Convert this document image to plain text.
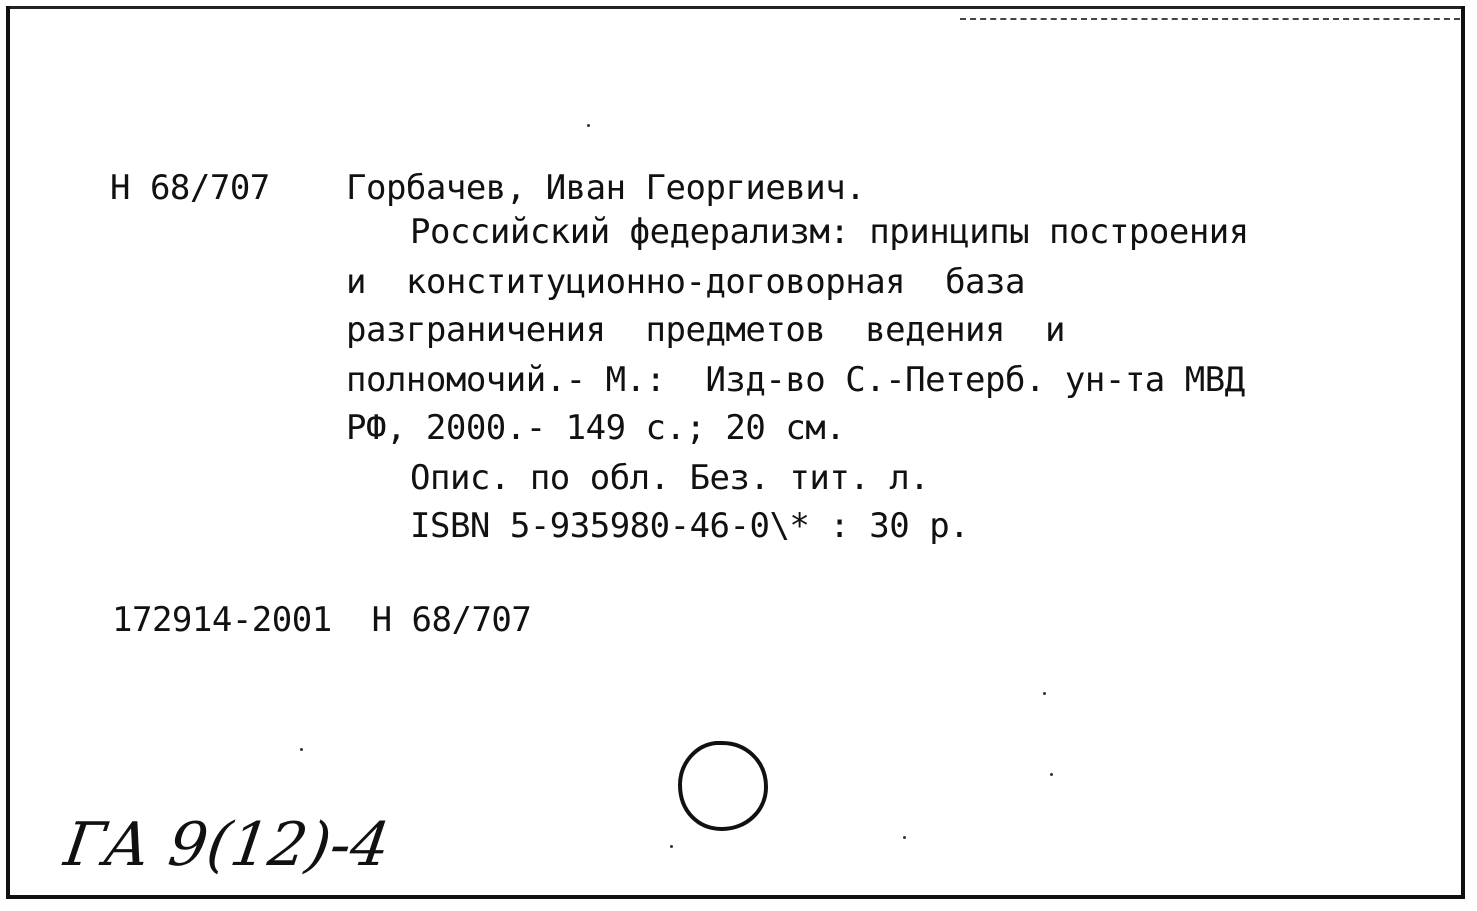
Н 68/707 Горбачев, Иван Георгиевич.
Российский федерализм: принципы построения
и  конституционно-договорная  база
разграничения  предметов  ведения  и
полномочий.- М.:  Изд-во С.-Петерб. ун-та МВД
РФ, 2000.- 149 с.; 20 см.
Опис. по обл. Без. тит. л.
ISBN 5-935980-46-0\* : 30 р.
172914-2001  Н 68/707
ГА 9(12)-4
